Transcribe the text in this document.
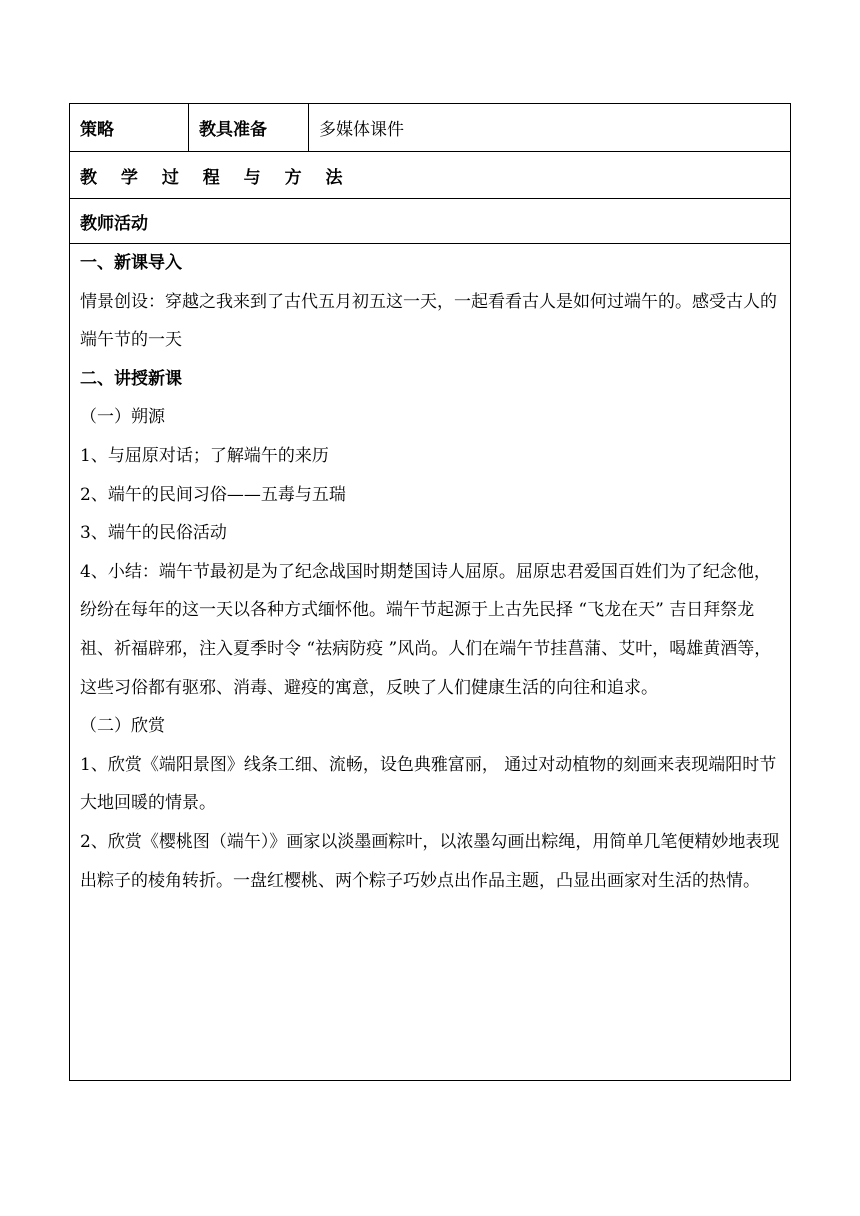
策略	教具准备	多媒体课件
教 学 过 程 与 方 法
教师活动

一、新课导入

情景创设：穿越之我来到了古代五月初五这一天，一起看看古人是如何过端午的。感受古人的端午节的一天

二、讲授新课

（一）朔源

1、与屈原对话；了解端午的来历

2、端午的民间习俗——五毒与五瑞

3、端午的民俗活动

4、小结：端午节最初是为了纪念战国时期楚国诗人屈原。屈原忠君爱国百姓们为了纪念他，纷纷在每年的这一天以各种方式缅怀他。端午节起源于上古先民择 “飞龙在天” 吉日拜祭龙祖、祈福辟邪，注入夏季时令 “祛病防疫 ”风尚。人们在端午节挂菖蒲、艾叶，喝雄黄酒等，这些习俗都有驱邪、消毒、避疫的寓意，反映了人们健康生活的向往和追求。

（二）欣赏

1、欣赏《端阳景图》线条工细、流畅，设色典雅富丽， 通过对动植物的刻画来表现端阳时节大地回暖的情景。

2、欣赏《樱桃图（端午）》画家以淡墨画粽叶，以浓墨勾画出粽绳，用简单几笔便精妙地表现出粽子的棱角转折。一盘红樱桃、两个粽子巧妙点出作品主题，凸显出画家对生活的热情。
